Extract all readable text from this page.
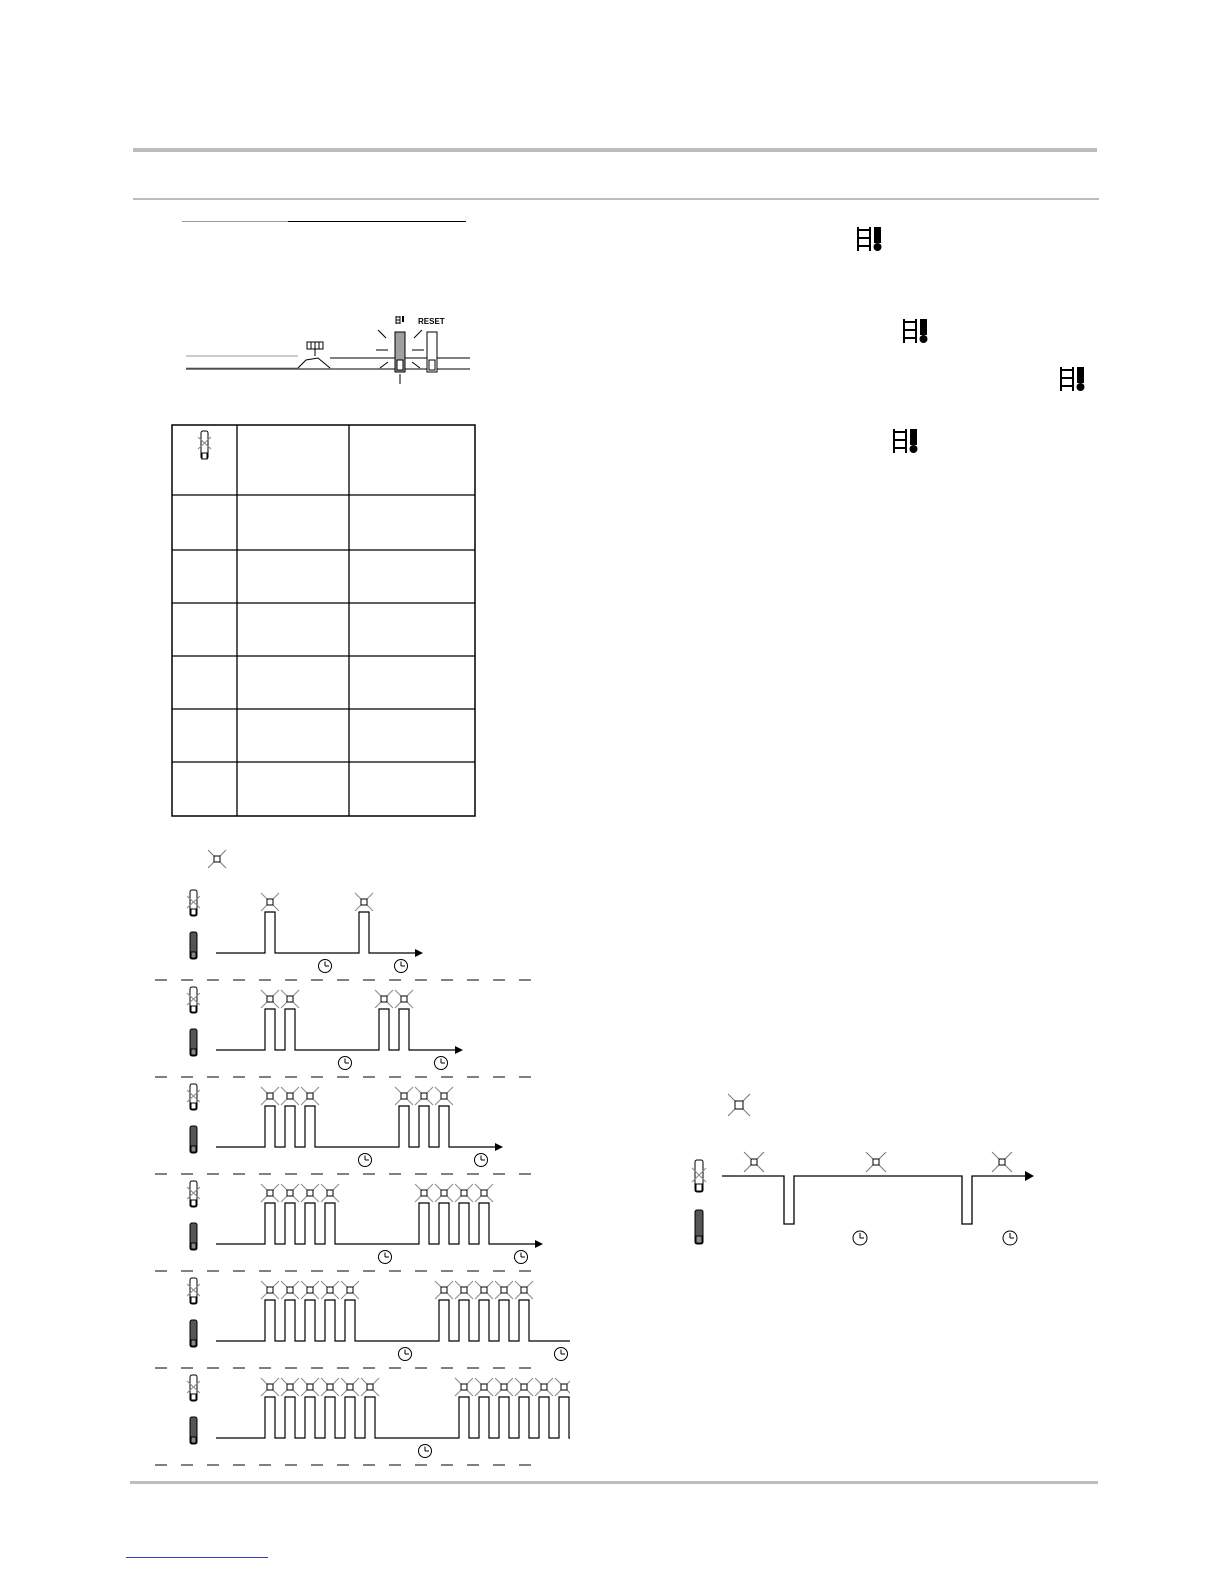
RESET
